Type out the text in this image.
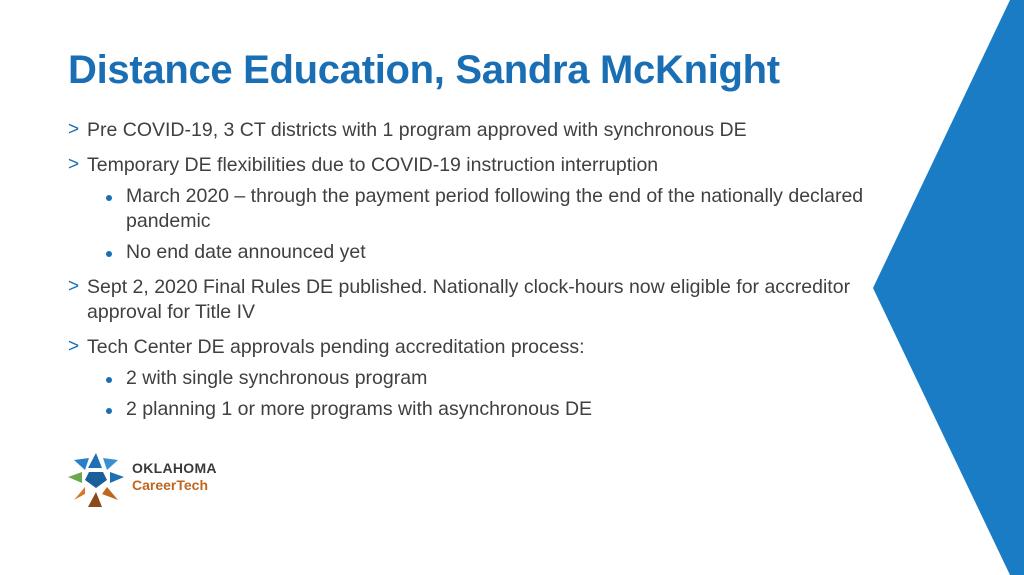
Distance Education, Sandra McKnight
> Pre COVID-19, 3 CT districts with 1 program approved with synchronous DE
> Temporary DE flexibilities due to COVID-19 instruction interruption
March 2020 – through the payment period following the end of the nationally declared pandemic
No end date announced yet
> Sept 2, 2020 Final Rules DE published. Nationally clock-hours now eligible for accreditor approval for Title IV
> Tech Center DE approvals pending accreditation process:
2 with single synchronous program
2 planning 1 or more programs with asynchronous DE
OKLAHOMA
CareerTech
